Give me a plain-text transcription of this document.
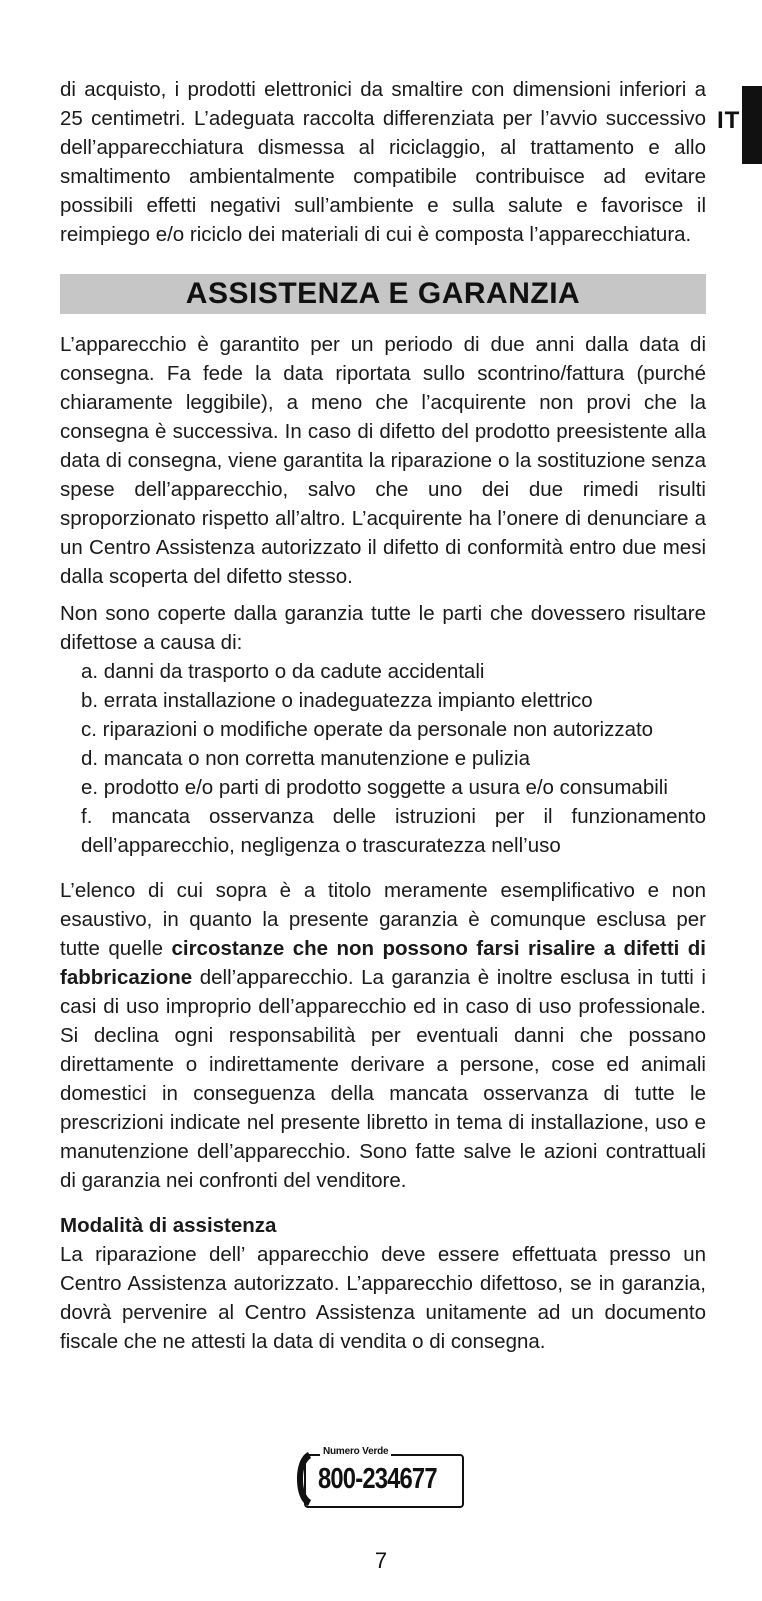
IT

di acquisto, i prodotti elettronici da smaltire con dimensioni inferiori a 25 centimetri. L’adeguata raccolta differenziata per l’avvio successivo dell’apparecchiatura dismessa al riciclaggio, al trattamento e allo smaltimento ambientalmente compatibile contribuisce ad evitare possibili effetti negativi sull’ambiente e sulla salute e favorisce il reimpiego e/o riciclo dei materiali di cui è composta l’apparecchiatura.

ASSISTENZA E GARANZIA

L’apparecchio è garantito per un periodo di due anni dalla data di consegna. Fa fede la data riportata sullo scontrino/fattura (purché chiaramente leggibile), a meno che l’acquirente non provi che la consegna è successiva. In caso di difetto del prodotto preesistente alla data di consegna, viene garantita la riparazione o la sostituzione senza spese dell’apparecchio, salvo che uno dei due rimedi risulti sproporzionato rispetto all’altro. L’acquirente ha l’onere di denunciare a un Centro Assistenza autorizzato il difetto di conformità entro due mesi dalla scoperta del difetto stesso.

Non sono coperte dalla garanzia tutte le parti che dovessero risultare difettose a causa di:

a. danni da trasporto o da cadute accidentali
b. errata installazione o inadeguatezza impianto elettrico
c. riparazioni o modifiche operate da personale non autorizzato
d. mancata o non corretta manutenzione e pulizia
e. prodotto e/o parti di prodotto soggette a usura e/o consumabili
f. mancata osservanza delle istruzioni per il funzionamento dell’apparecchio, negligenza o trascuratezza nell’uso

L’elenco di cui sopra è a titolo meramente esemplificativo e non esaustivo, in quanto la presente garanzia è comunque esclusa per tutte quelle circostanze che non possono farsi risalire a difetti di fabbricazione dell’apparecchio. La garanzia è inoltre esclusa in tutti i casi di uso improprio dell’apparecchio ed in caso di uso professionale. Si declina ogni responsabilità per eventuali danni che possano direttamente o indirettamente derivare a persone, cose ed animali domestici in conseguenza della mancata osservanza di tutte le prescrizioni indicate nel presente libretto in tema di installazione, uso e manutenzione dell’apparecchio. Sono fatte salve le azioni contrattuali di garanzia nei confronti del venditore.

Modalità di assistenza

La riparazione dell’ apparecchio deve essere effettuata presso un Centro Assistenza autorizzato. L’apparecchio difettoso, se in garanzia, dovrà pervenire al Centro Assistenza unitamente ad un documento fiscale che ne attesti la data di vendita o di consegna.

Numero Verde
800-234677
7
